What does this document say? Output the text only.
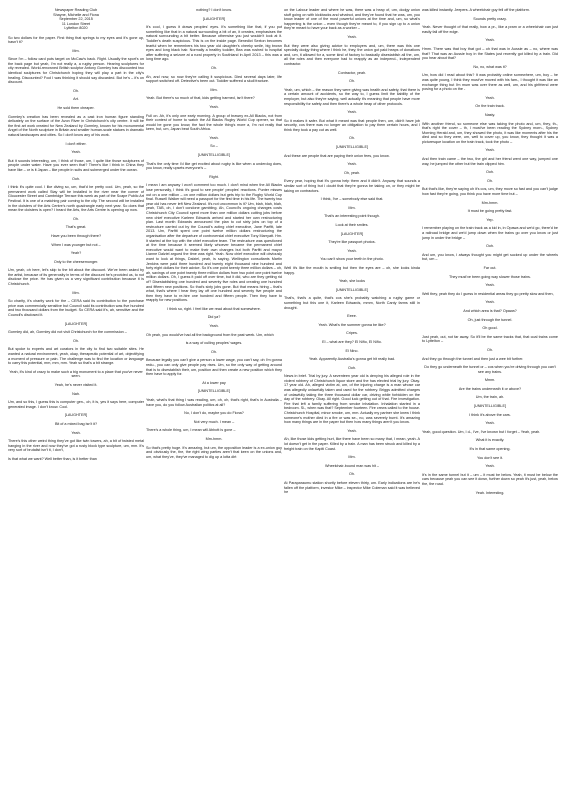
Newspaper Reading Club
Shayne, Michelle and Fiona
September 22, 2015
11 London Street
Lyttelton 8020

So two dollars for the paper. First thing that springs to my eyes and it's gone up, hasn't it?

Mm.

Since I'm – follow card puts target on McCaw's back. Right. Usually the sport's on the back page but yeah, I'm not really a, a rugby person. Hearing sculptures for city revealed. World-renowned British sculptor Antony Gormley has discounted two identical sculptures for Christchurch hoping they will play a part in the city's healing. Discounted? Fool I was thinking it should say discarded. But he's – it's on discount.

Oh.

Art.

He sold them cheaper.

Gormley's creation has been revealed as a cast iron human figure standing delicately on the surface of the Avon River in Christchurch's city centre. It will be the first art work created for New Zealand by Gormley, known for his monumental Angel of the North sculpture in Britain and smaller human-scale statues in dramatic natural landscapes and cities. So I don't know any of his work.

I don't either.

Yeah.

But it sounds interesting, um, I think of those, um, I quite like those sculptures of people under water. Have you ever seen that? There's like I think in China they have like – or is it Japan – like people in suits and submerged under the ocean.

Ooh.

I think it's quite cool. I like diving so, um, that'd be pretty cool. Um, yeah, so the permanent work called Stay will be installed in the river near the corner of Gloucester Street and Cambridge Terrace this week as part of the Scape Public Art Festival. It is one of a matching pair coming to the city. The second will be installed in the cloisters of the Arts Centre's north quadrangle early next year. So does that mean the cloisters is open? I heard the Arts, the Arts Centre is opening up now.

Oh.

That's great.

Have you been through there?

When I was younger but not –

Yeah?

Only to the cheesemonger.

Um, yeah, oh here, let's skip to the bit about the discount. We've been asked by the artist, because of its generosity in terms of the discount he's provided us, to not disclose the price. He has given us a very significant contribution because it is Christchurch.

Mm.

So charity, it's charity work for the – CERA said its contribution to the purchase price was commercially sensitive but Council said its contribution was five hundred and two thousand dollars from the budget. So CERA said it's, ah, sensitive and the Council's disclosed it.

[LAUGHTER]

Gormley did, ah, Gormley did not visit Christchurch for the commission –

Oh.

But spoke to experts and art curators in the city to find two suitable sites. He wanted a natural environment, yeah, okay, therapeutic potential of art, objectifying a moment of pressure or pain. The challenge was to find the location or language to carry this potential, mm, mm, mm. Yeah so that's a bit strange.

Yeah, it's kind of crazy to make such a big monument to a place that you've never seen.

Yeah, he's never visited it.

Nah.

Um, and so this, I guess this is computer gen-, oh, it is, yes it says here, computer generated image. I don't know. Cool.

[LAUGHTER]

Bit of a mixed bag isn't it?

Yeah.

There's this other weird thing they've got like twin towers, ah, a bit of twisted metal hanging in the river and now they've got a rusty block type sculpture, um, mm. It's very sort of brutalist isn't it, I don't,

Is that what we want? Well better than, is it better than

nothing? I don't know.

[LAUGHTER]

It's cool, I guess it draws peoples' eyes. It's something like that, if you put something like that in a natural surrounding a bit of an, it creates, emphasises the natural surrounding a bit better. Because otherwise you just wouldn't look at it. Toddler's death suspicious. This is on the inside page. Benedict Sexton becomes tearful when he remembers his two year old daughter's cheeky smile, big brown eyes and long black hair. Normally a healthy toddler, Bea was rushed to hospital after suffering a seizure at a rural property in Southland in April 2013 – this was a long time ago.

Oh.

Ah, and now, so now they're calling it suspicious. Died several days later, life support switched off. Detective's been out. Toddler suffered a skull fracture.

Mm.

Yeah. But there's so much of that, kids getting harmed, isn't there?

Yeah.

Full on. Ah, it's only one early morning. A group of brawny ex-All Blacks, not from their contest of home to watch the All Blacks Rugby World Cup opener, so that would be gone you know, the fact the whole thing's more a, I'm not really that keen, but, um, Japan beat South Africa.

Yeah.

So –

[UNINTELLIGIBLE]

That's the only time I'd like get excited about rugby is like when a underdog does, you know, really upsets everyone's –

Right.

I mean I am anyway I won't comment too much. I don't mind when the All Blacks lose personally, I think it's good to see people' peoples' reactions. Punter misses out on a one million – on one million dollars but gets trip to the Rugby World Cup final. Russell Walker will need a passport for the first time in his life. The twenty two year old has never left New Zealand. It's not uncommon is it? Um, blah, blah, blah, yeah, TAB, oh, I don't condone gambling. Ah, Council's ongoing changes costs Christchurch City Council spent more than one million dollars cutting jobs before new chief executive Karleen Edwards arrived and started her own restructuring plan. Last month Edwards announced the plan to cut sixty jobs on top of a restructure carried out by the Council's acting chief executive, Jane Parfitt, late 2013. Um, Parfitt spent one point twelve million dollars restructuring the organisation after the departure of controversial chief executive Tony Marryatt. Hm. It started at the top with the chief executive team. The restructure was questioned at the time because it seemed likely whoever became the permanent chief executive would want to make their own changes but both Parfitt and mayor Lianne Dalziel argued the time was right. Yeah. Now chief executive will obviously want to look at things, Dalziel, yeah, is saying. Wellington consultants Martin Jenkins were paid three hundred and twenty eight thousand nine hundred and forty eight dollars for their advice. So it's one point twenty three million dollars – oh, ah, savings of one point twenty three million dollars from two point one point twelve million dollars. Oh, I guess it paid off over time, but it did, who are they getting rid of? Disestablishing one hundred and seventy five roles and creating one hundred and fifteen new positions. So that's sixty jobs gone. But that means hiring – that's what, that's where I hear they lay off one hundred and seventy five people and then they have to re-hire one hundred and fifteen people. Then they have to reapply for new positions.

I think so, right. I feel like we read about that somewhere.

Did ya?

Yeah.

Oh yeah, you would've had all the background from the past week. Um, which

is a way of culling peoples' wages.

Oh.

Because legally you can't give a person a lower wage, you can't say, oh I'm gonna redu-, you can only give people pay rises. Um, so the only way of getting around that is to disestablish their, um, position and then create a new position which they then have to apply for.

At a lower pay

[UNINTELLIGIBLE]

Yeah, what's that thing I was reading, um, oh, oh, that's right, that's in Australia – have you, do you follow Australian politics at all?

No, I don't do, maybe you do Fiona?

Not very much. I mean –

There's a whole thing, um, I mean will Abbott is gone –

Mm-hmm.

So that's pretty huge. It's amazing, but um, the opposition leader is a ex-union guy and obviously the, the, the right wing parties aren't that keen on the unions and, um, what they've, they've managed to dig up a lotta dirt

on the Labour leader and where he was, there was a heap of, um, dodgy union stuff going on with kickbacks and whatnot, and they've found that he was, um, you know leader of one of the most powerful unions at the time and, um, so what's happening is the union – even though they're meant to, if you sign up to a union they're meant to have your back as a worker –

Yeah.

But they were also giving advice to employers and, um, there was this one specially dodgy thing where I think he, they, the union got paid heaps of donations and, um, it allowed for a, some kind of factory to basically disestablish all the, um, all the roles and then everyone had to reapply as an independ-, independent contractor.

Contractor, yeah.

Oh.

Yeah, um, which – the reason they were giving was health and safety, that there is a certain amount of accidents, so the way to, I guess limit the liability of the employer, but also they're saying, well actually it's meaning that people have more responsibility for safety and then there's a whole heap of other protocols.

Yeah.

So it makes it safer. But what it meant was that people then, um, didn't have job security, cos there was no longer an obligation to pay them certain hours, and I think they took a pay cut as well.

Oh.

[UNINTELLIGIBLE]

And these are people that are paying their union fees, you know.

Yeah.

Oh, yeah.

Every year, hoping that it's gonna help them and it didn't. Anyway that sounds a similar sort of thing but I doubt that they're gonna be taking on, or they might be taking on contractors.

I think, I've – somebody else said that.

Mm.

That's an interesting point though.

Look at their smiles.

[LAUGHTER]

They're like passport photos.

Yeah.

You can't show your teeth in the photo.

Well it's like the mouth is smiling but then the eyes are – oh, she looks kinda happy.

Yeah, she looks

[UNINTELLIGIBLE]

That's, that's a quite, that's cos she's probably watching a rugby game or something but this one it, Karleen Edwards, mmm, North Canty farms still in drought.

Eeee.

Yeah. What's the summer gonna be like?

Cripes.

El – what are they? El Niño, El Niño.

El Nino.

Yeah. Apparently Australia's gonna get hit really bad.

Ooh.

News in brief. Trial by jury. A seventeen year old is denying his alleged role in the violent robbery of Christchurch liquor store and the has elected trial by jury. Okay. 17 year old. Ah, alleged victim at, um, of the injuring charge is a man whose car was allegedly unlawfully taken and used for the robbery. Briggs admitted charges of unlawfully taking the three thousand dollar car, driving while forbidden on the day of the robbery. Okay. All right. Good luck getting out of that. Fire investigation. Fire that left a family suffering from smoke inhalation. Inhalation started in a bedroom. Si-, when was that? September fourteen. Fire crews called to the house. Christchurch Hospital, minor smoke, um, mm. Actually my partner she knew I think someone's mother died in a fire or was se-, no, was severely burnt. It's amazing how many things are in the paper but then how many things aren't you know.

Yeah.

Ah, like those kids getting hurt, like there have been so many that, I mean, yeah. A lot doesn't get in the paper. Killed by a train. A man has been struck and killed by a freight train on the Kapiti Coast.

Mm.

Wheelchair-bound man was hit –

Oh.

At Paraparaumu station shortly before eleven thirty, um. Early indications are he's fallen off the platform, investor Mike – inspector Mike Coleman said it was believed he

was killed instantly. Jeepers. A wheelchair guy fell off the platform.

Sounds pretty crazy.

Yeah. Never thought of that really, how a pr-, like a pram or a wheelchair can just easily fall off the edge.

Yeah.

Hmm. There was that boy that got – oh that was in Aussie as – no, where was that? That was an Aussie boy in the States just recently got killed by a train. Did you hear about that?

No, no, what was it?

Um, how did I read about this? It was probably online somewhere, um, boy – he was quite young, I think they must've moved with his fam-, I thought it was like an exchange thing but I'm mum was over there as well, um, and his girlfriend were posing for a photo on the -

Yeah.

On the train track.

Nasty.

With another friend, so someone else was taking the photo and, um, they, th-, that's right the cover – th, I must've been reading the Sydney morn-, Sydney Morning Herald and, um, they showed the photo, it was like moments after his the died and so they were, um, well to cover up, you know, they thought it was a picturesque location on the train track, took the photo –

Yeah.

And then train came – the two, the girl and her friend went one way, jumped one way, he jumped the other but the train clipped him.

Ooh.

Oh.

But that's like, they're saying oh it's cos, um, they move so fast and you can't judge how fast they're going, you think you have more time but –

Mm-hmm.

It must be going pretty fast.

Yep.

I remember playing on the train track as a kid in, in Opawa and we'd go, there'd be a railroad bridge and we'd jump down when the trains go over you know or just jump in under the bridge –

Ooh.

And um, you know, I always thought you might get sucked up under the wheels but, um –

Far out.

They must've been going way slower those trains.

Yeah.

Well they, yeah they do I guess in residential areas they go pretty slow and then,

Yeah.

And which area is that? Opawa?

Oh, just through the tunnel.

Oh good.

Just yeah, out, not far away. So it'll be the same tracks that, that coal trains come to Lyttelton –

Oh.

And they go through the tunnel and then just a wee bit further.

Do they go underneath the tunnel or – cos when you're driving through you can't see any trains.

Mmm.

Are the trains underneath it or above?

Um, the train, ah.

[UNINTELLIGIBLE]

I think it's above the cars.

Yeah.

Yeah, good question. Um, I d-, I've, I've known but I forget – Yeah, yeah.

What it is exactly.

It's in that same opening.

You don't see it.

Yeah.

It's in the same tunnel but it – um – it must be below. Yeah, it must be below the cars because yeah you can see it down, further down so yeah it's just, yeah, below the, the road.

Yeah. Interesting.
